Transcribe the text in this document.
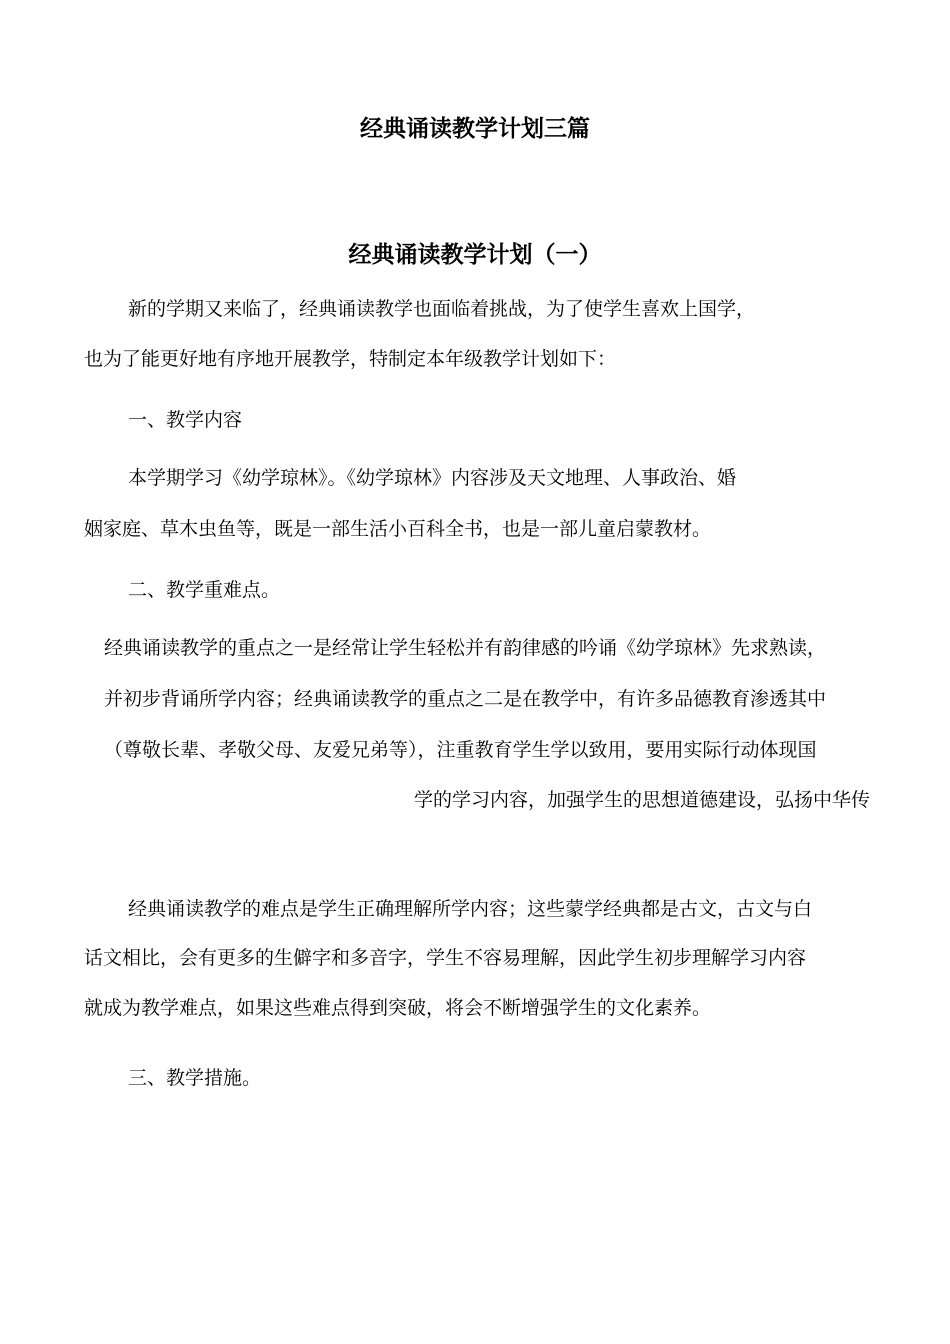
经典诵读教学计划三篇
经典诵读教学计划（一）
新的学期又来临了，经典诵读教学也面临着挑战，为了使学生喜欢上国学，
也为了能更好地有序地开展教学，特制定本年级教学计划如下：
一、教学内容
本学期学习《幼学琼林》。《幼学琼林》内容涉及天文地理、人事政治、婚
姻家庭、草木虫鱼等，既是一部生活小百科全书，也是一部儿童启蒙教材。
二、教学重难点。
经典诵读教学的重点之一是经常让学生轻松并有韵律感的吟诵《幼学琼林》先求熟读，
并初步背诵所学内容；经典诵读教学的重点之二是在教学中，有许多品德教育渗透其中
（尊敬长辈、孝敬父母、友爱兄弟等），注重教育学生学以致用，要用实际行动体现国
学的学习内容，加强学生的思想道德建设，弘扬中华传
经典诵读教学的难点是学生正确理解所学内容；这些蒙学经典都是古文，古文与白
话文相比，会有更多的生僻字和多音字，学生不容易理解，因此学生初步理解学习内容
就成为教学难点，如果这些难点得到突破，将会不断增强学生的文化素养。
三、教学措施。
